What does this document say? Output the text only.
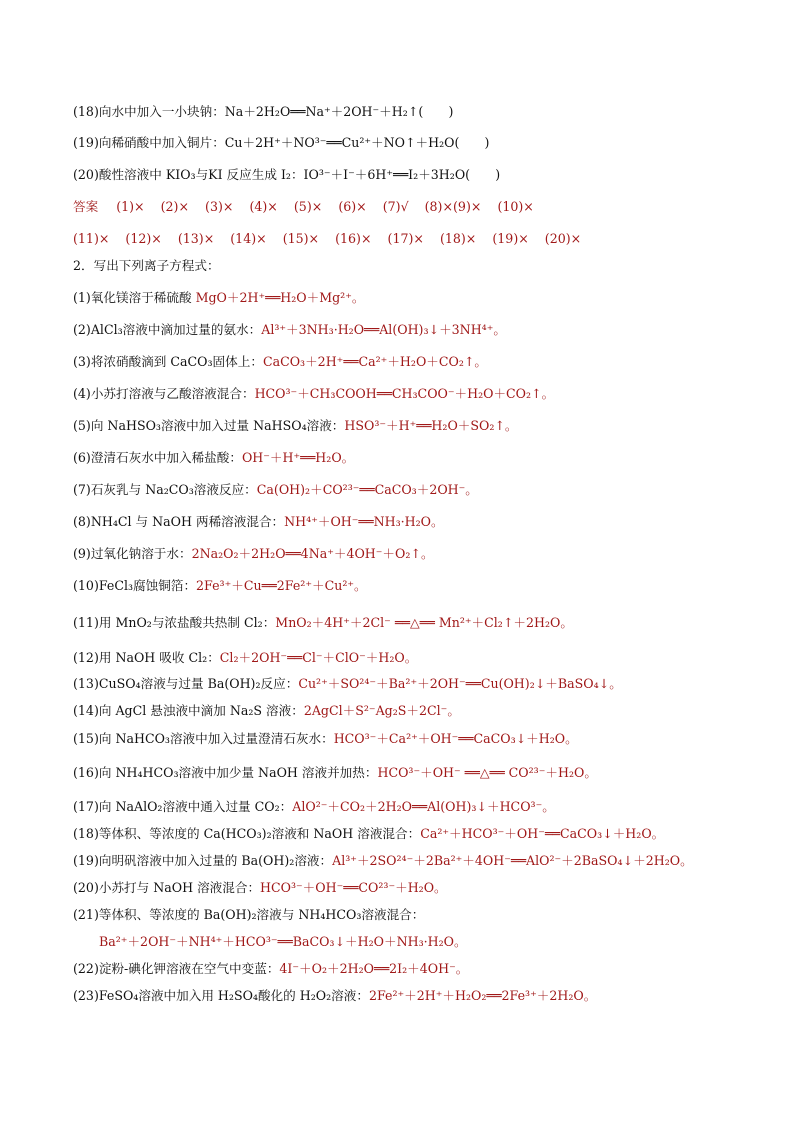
(18)向水中加入一小块钠：Na＋2H₂O══Na⁺＋2OH⁻＋H₂↑(　　)
(19)向稀硝酸中加入铜片：Cu＋2H⁺＋NO³⁻══Cu²⁺＋NO↑＋H₂O(　　)
(20)酸性溶液中 KIO₃与KI 反应生成 I₂：IO³⁻＋I⁻＋6H⁺══I₂＋3H₂O(　　)
答案 (1)× (2)× (3)× (4)× (5)× (6)× (7)√ (8)×(9)× (10)×
(11)× (12)× (13)× (14)× (15)× (16)× (17)× (18)× (19)× (20)×
2．写出下列离子方程式：
(1)氧化镁溶于稀硫酸 MgO＋2H⁺══H₂O＋Mg²⁺。
(2)AlCl₃溶液中滴加过量的氨水：Al³⁺＋3NH₃·H₂O══Al(OH)₃↓＋3NH⁴⁺。
(3)将浓硝酸滴到 CaCO₃固体上：CaCO₃＋2H⁺══Ca²⁺＋H₂O＋CO₂↑。
(4)小苏打溶液与乙酸溶液混合：HCO³⁻＋CH₃COOH══CH₃COO⁻＋H₂O＋CO₂↑。
(5)向 NaHSO₃溶液中加入过量 NaHSO₄溶液：HSO³⁻＋H⁺══H₂O＋SO₂↑。
(6)澄清石灰水中加入稀盐酸：OH⁻＋H⁺══H₂O。
(7)石灰乳与 Na₂CO₃溶液反应：Ca(OH)₂＋CO²³⁻══CaCO₃＋2OH⁻。
(8)NH₄Cl 与 NaOH 两稀溶液混合：NH⁴⁺＋OH⁻══NH₃·H₂O。
(9)过氧化钠溶于水：2Na₂O₂＋2H₂O══4Na⁺＋4OH⁻＋O₂↑。
(10)FeCl₃腐蚀铜箔：2Fe³⁺＋Cu══2Fe²⁺＋Cu²⁺。
(11)用 MnO₂与浓盐酸共热制 Cl₂：MnO₂＋4H⁺＋2Cl⁻ ══△══ Mn²⁺＋Cl₂↑＋2H₂O。
(12)用 NaOH 吸收 Cl₂：Cl₂＋2OH⁻══Cl⁻＋ClO⁻＋H₂O。
(13)CuSO₄溶液与过量 Ba(OH)₂反应：Cu²⁺＋SO²⁴⁻＋Ba²⁺＋2OH⁻══Cu(OH)₂↓＋BaSO₄↓。
(14)向 AgCl 悬浊液中滴加 Na₂S 溶液：2AgCl＋S²⁻Ag₂S＋2Cl⁻。
(15)向 NaHCO₃溶液中加入过量澄清石灰水：HCO³⁻＋Ca²⁺＋OH⁻══CaCO₃↓＋H₂O。
(16)向 NH₄HCO₃溶液中加少量 NaOH 溶液并加热：HCO³⁻＋OH⁻ ══△══ CO²³⁻＋H₂O。
(17)向 NaAlO₂溶液中通入过量 CO₂：AlO²⁻＋CO₂＋2H₂O══Al(OH)₃↓＋HCO³⁻。
(18)等体积、等浓度的 Ca(HCO₃)₂溶液和 NaOH 溶液混合：Ca²⁺＋HCO³⁻＋OH⁻══CaCO₃↓＋H₂O。
(19)向明矾溶液中加入过量的 Ba(OH)₂溶液：Al³⁺＋2SO²⁴⁻＋2Ba²⁺＋4OH⁻══AlO²⁻＋2BaSO₄↓＋2H₂O。
(20)小苏打与 NaOH 溶液混合：HCO³⁻＋OH⁻══CO²³⁻＋H₂O。
(21)等体积、等浓度的 Ba(OH)₂溶液与 NH₄HCO₃溶液混合：
Ba²⁺＋2OH⁻＋NH⁴⁺＋HCO³⁻══BaCO₃↓＋H₂O＋NH₃·H₂O。
(22)淀粉-碘化钾溶液在空气中变蓝：4I⁻＋O₂＋2H₂O══2I₂＋4OH⁻。
(23)FeSO₄溶液中加入用 H₂SO₄酸化的 H₂O₂溶液：2Fe²⁺＋2H⁺＋H₂O₂══2Fe³⁺＋2H₂O。
